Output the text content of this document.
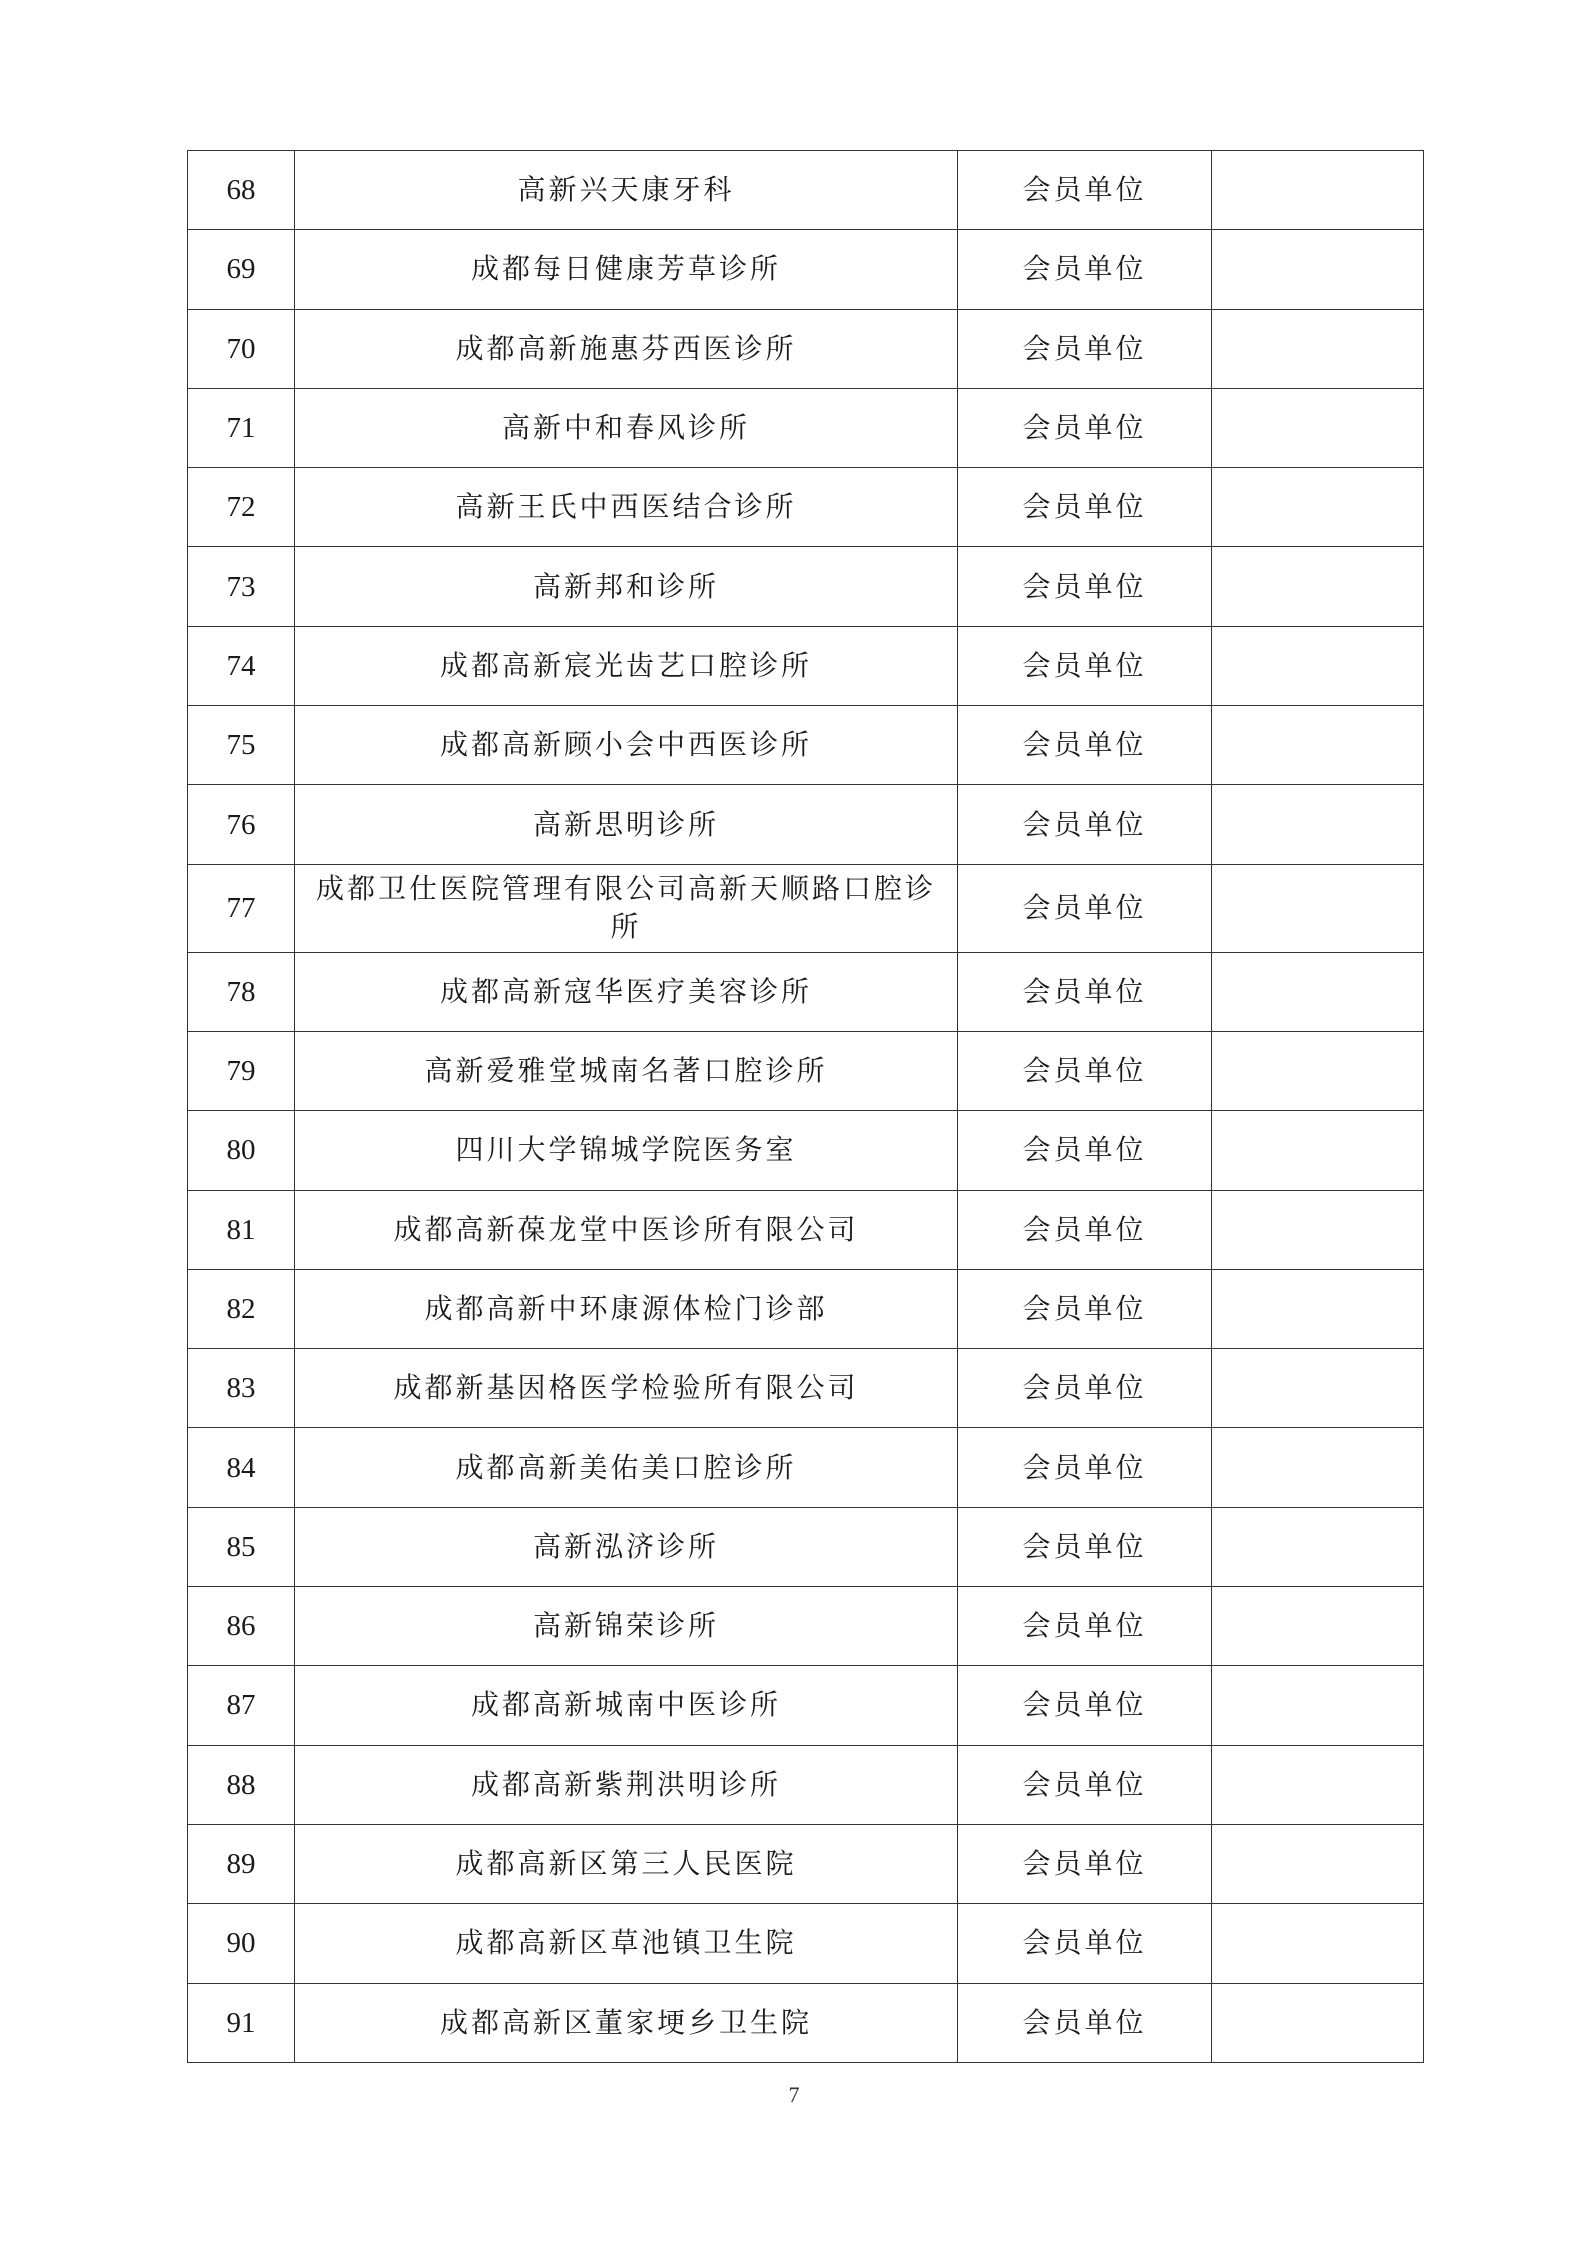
68	高新兴天康牙科	会员单位	
69	成都每日健康芳草诊所	会员单位	
70	成都高新施惠芬西医诊所	会员单位	
71	高新中和春风诊所	会员单位	
72	高新王氏中西医结合诊所	会员单位	
73	高新邦和诊所	会员单位	
74	成都高新宸光齿艺口腔诊所	会员单位	
75	成都高新顾小会中西医诊所	会员单位	
76	高新思明诊所	会员单位	
77	成都卫仕医院管理有限公司高新天顺路口腔诊所	会员单位	
78	成都高新寇华医疗美容诊所	会员单位	
79	高新爱雅堂城南名著口腔诊所	会员单位	
80	四川大学锦城学院医务室	会员单位	
81	成都高新葆龙堂中医诊所有限公司	会员单位	
82	成都高新中环康源体检门诊部	会员单位	
83	成都新基因格医学检验所有限公司	会员单位	
84	成都高新美佑美口腔诊所	会员单位	
85	高新泓济诊所	会员单位	
86	高新锦荣诊所	会员单位	
87	成都高新城南中医诊所	会员单位	
88	成都高新紫荆洪明诊所	会员单位	
89	成都高新区第三人民医院	会员单位	
90	成都高新区草池镇卫生院	会员单位	
91	成都高新区董家埂乡卫生院	会员单位	
7
